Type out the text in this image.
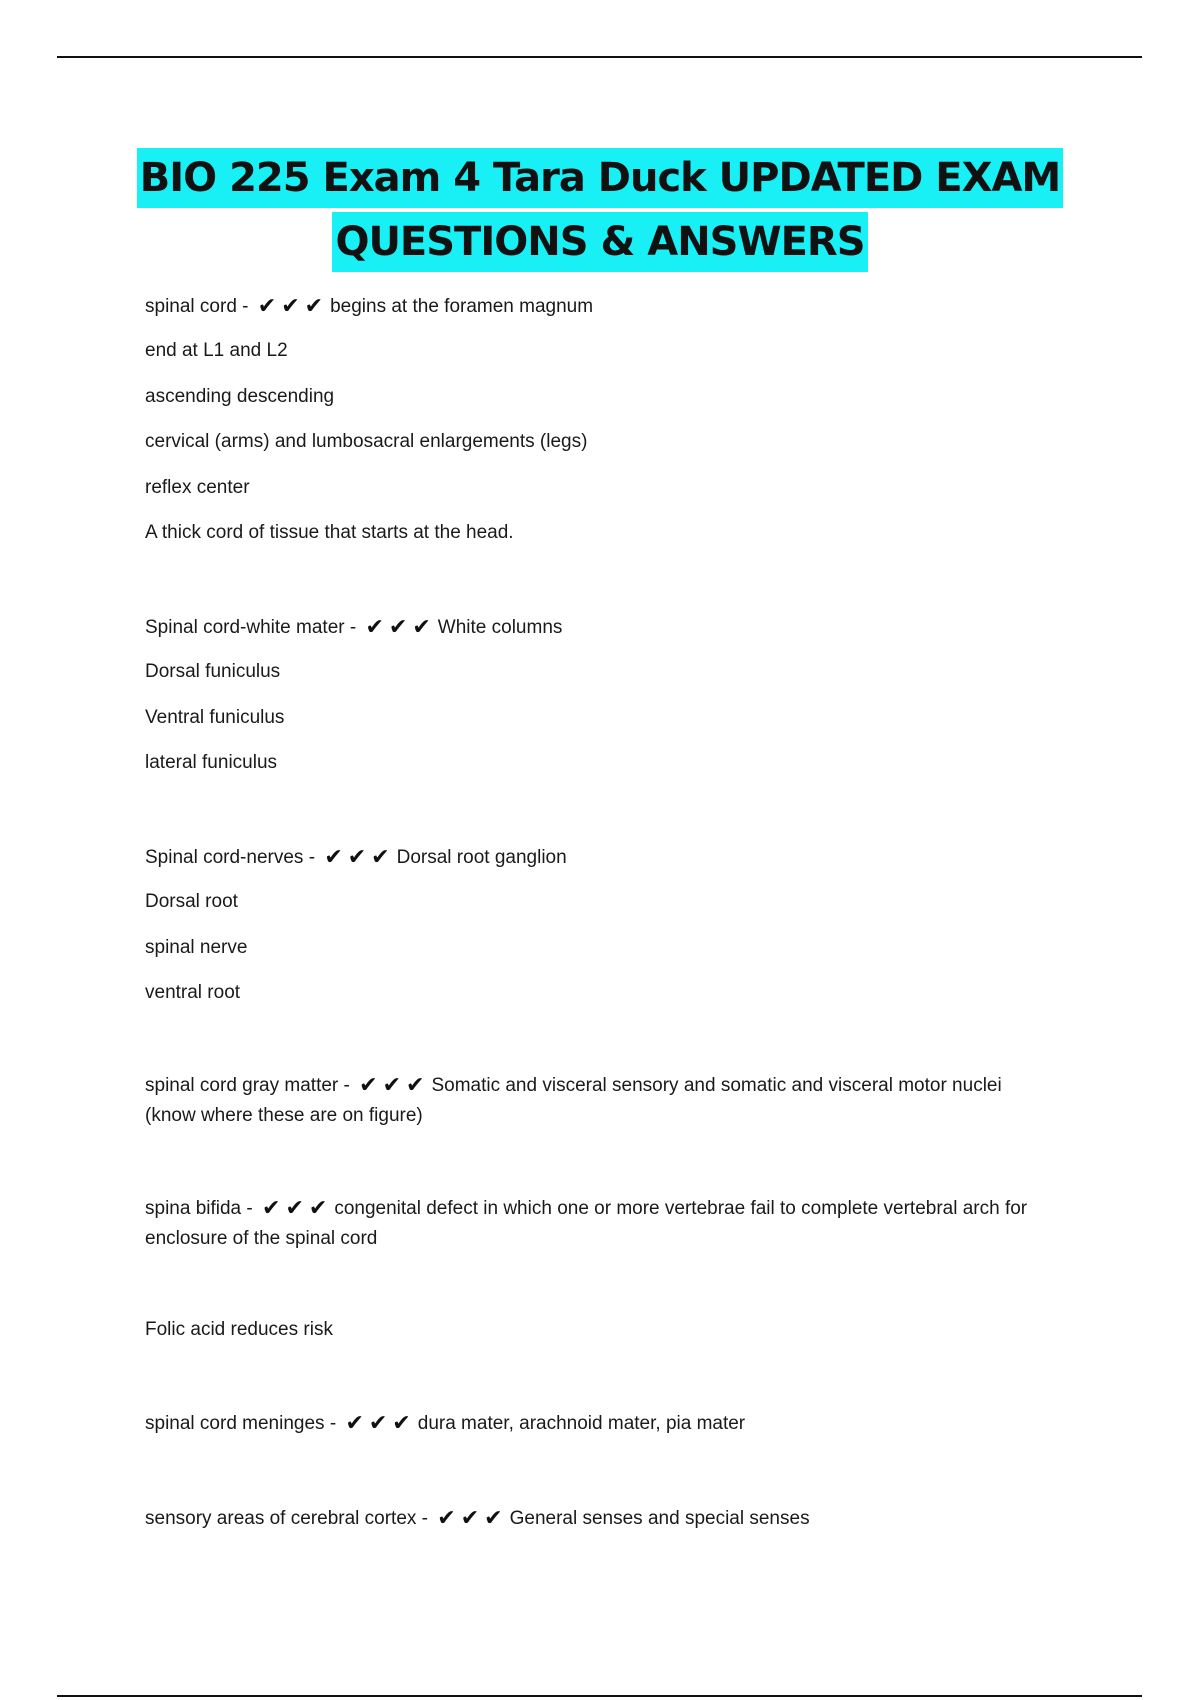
BIO 225 Exam 4 Tara Duck UPDATED EXAM
QUESTIONS & ANSWERS
spinal cord - ✔✔✔ begins at the foramen magnum
end at L1 and L2
ascending descending
cervical (arms) and lumbosacral enlargements (legs)
reflex center
A thick cord of tissue that starts at the head.
Spinal cord-white mater - ✔✔✔ White columns
Dorsal funiculus
Ventral funiculus
lateral funiculus
Spinal cord-nerves - ✔✔✔ Dorsal root ganglion
Dorsal root
spinal nerve
ventral root
spinal cord gray matter - ✔✔✔ Somatic and visceral sensory and somatic and visceral motor nuclei (know where these are on figure)
spina bifida - ✔✔✔ congenital defect in which one or more vertebrae fail to complete vertebral arch for enclosure of the spinal cord
Folic acid reduces risk
spinal cord meninges - ✔✔✔ dura mater, arachnoid mater, pia mater
sensory areas of cerebral cortex - ✔✔✔ General senses and special senses
